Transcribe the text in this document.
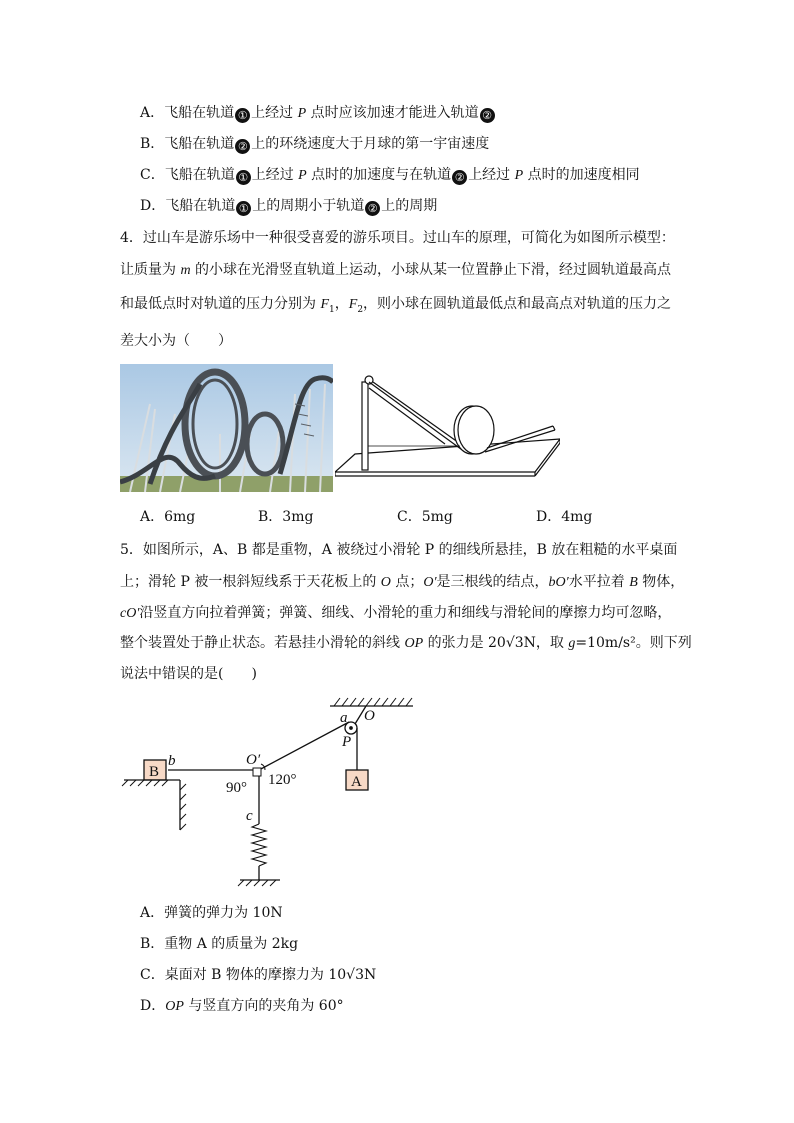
A．飞船在轨道 ① 上经过 P 点时应该加速才能进入轨道 ②
B．飞船在轨道 ② 上的环绕速度大于月球的第一宇宙速度
C．飞船在轨道 ① 上经过 P 点时的加速度与在轨道 ② 上经过 P 点时的加速度相同
D．飞船在轨道 ① 上的周期小于轨道 ② 上的周期
4．过山车是游乐场中一种很受喜爱的游乐项目。过山车的原理，可简化为如图所示模型：
让质量为 m 的小球在光滑竖直轨道上运动，小球从某一位置静止下滑，经过圆轨道最高点
和最低点时对轨道的压力分别为 $F_1$，$F_2$，则小球在圆轨道最低点和最高点对轨道的压力之
差大小为（　　）
A．6mg	B．3mg	C．5mg	D．4mg
5．如图所示，A、B 都是重物，A 被绕过小滑轮 P 的细线所悬挂，B 放在粗糙的水平桌面
上；滑轮 P 被一根斜短线系于天花板上的 O 点；O′是三根线的结点，bO′水平拉着 B 物体，
cO′沿竖直方向拉着弹簧；弹簧、细线、小滑轮的重力和细线与滑轮间的摩擦力均可忽略，
整个装置处于静止状态。若悬挂小滑轮的斜线 OP 的张力是 20√3N，取 g=10m/s²。则下列
说法中错误的是(　　)
B
A
b
c
a O
P
O′
90° 120°
A．弹簧的弹力为 10N
B．重物 A 的质量为 2kg
C．桌面对 B 物体的摩擦力为 10√3N
D．OP 与竖直方向的夹角为 60°
